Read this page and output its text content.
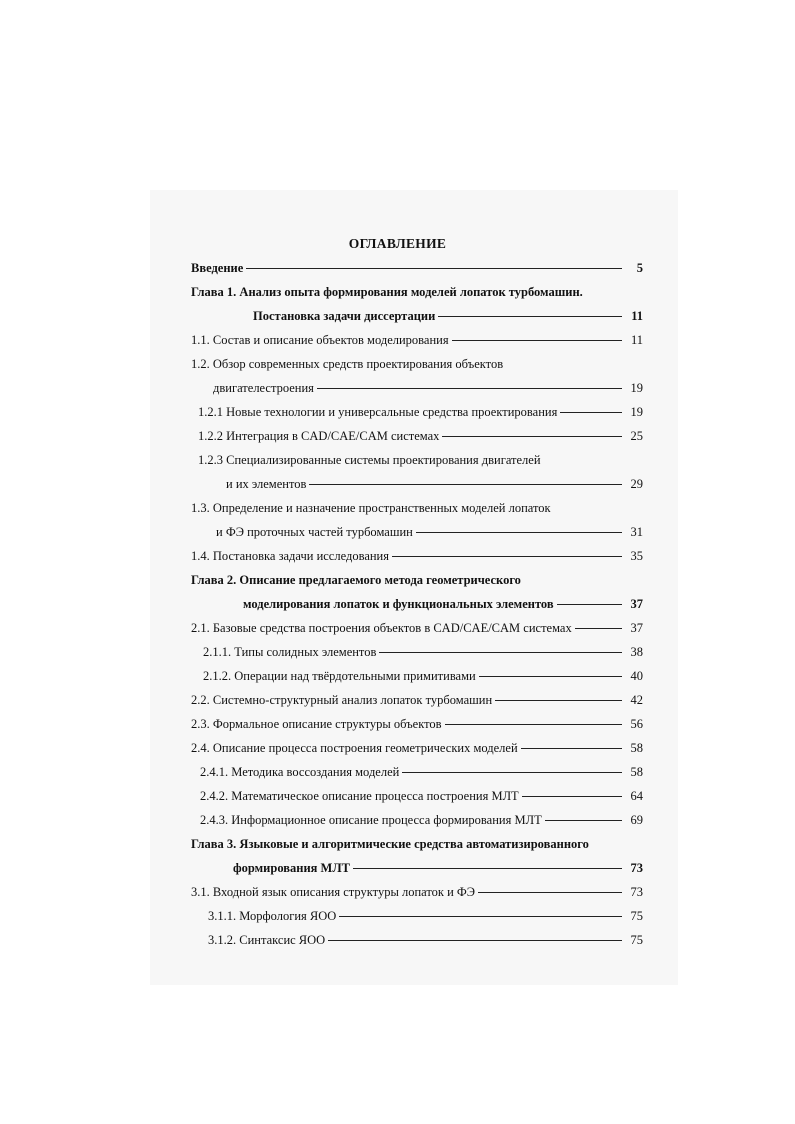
ОГЛАВЛЕНИЕ
Введение	5
Глава 1. Анализ опыта формирования моделей лопаток турбомашин.
Постановка задачи диссертации	11
1.1. Состав и описание объектов моделирования	11
1.2. Обзор современных средств проектирования объектов
двигателестроения	19
1.2.1 Новые технологии и универсальные средства проектирования	19
1.2.2 Интеграция в CAD/CAE/CAM системах	25
1.2.3 Специализированные системы проектирования двигателей
и их элементов	29
1.3. Определение и назначение пространственных моделей лопаток
и ФЭ проточных частей турбомашин	31
1.4. Постановка задачи исследования	35
Глава 2. Описание предлагаемого метода геометрического
моделирования лопаток и функциональных элементов	37
2.1. Базовые средства построения объектов в CAD/CAE/CAM системах	37
2.1.1. Типы солидных элементов	38
2.1.2. Операции над твёрдотельными примитивами	40
2.2. Системно-структурный анализ лопаток турбомашин	42
2.3. Формальное описание структуры объектов	56
2.4. Описание процесса построения геометрических моделей	58
2.4.1. Методика воссоздания моделей	58
2.4.2. Математическое описание процесса построения МЛТ	64
2.4.3. Информационное описание процесса формирования МЛТ	69
Глава 3. Языковые и алгоритмические средства автоматизированного
формирования МЛТ	73
3.1. Входной язык описания структуры лопаток и ФЭ	73
3.1.1. Морфология ЯОО	75
3.1.2. Синтаксис ЯОО	75
